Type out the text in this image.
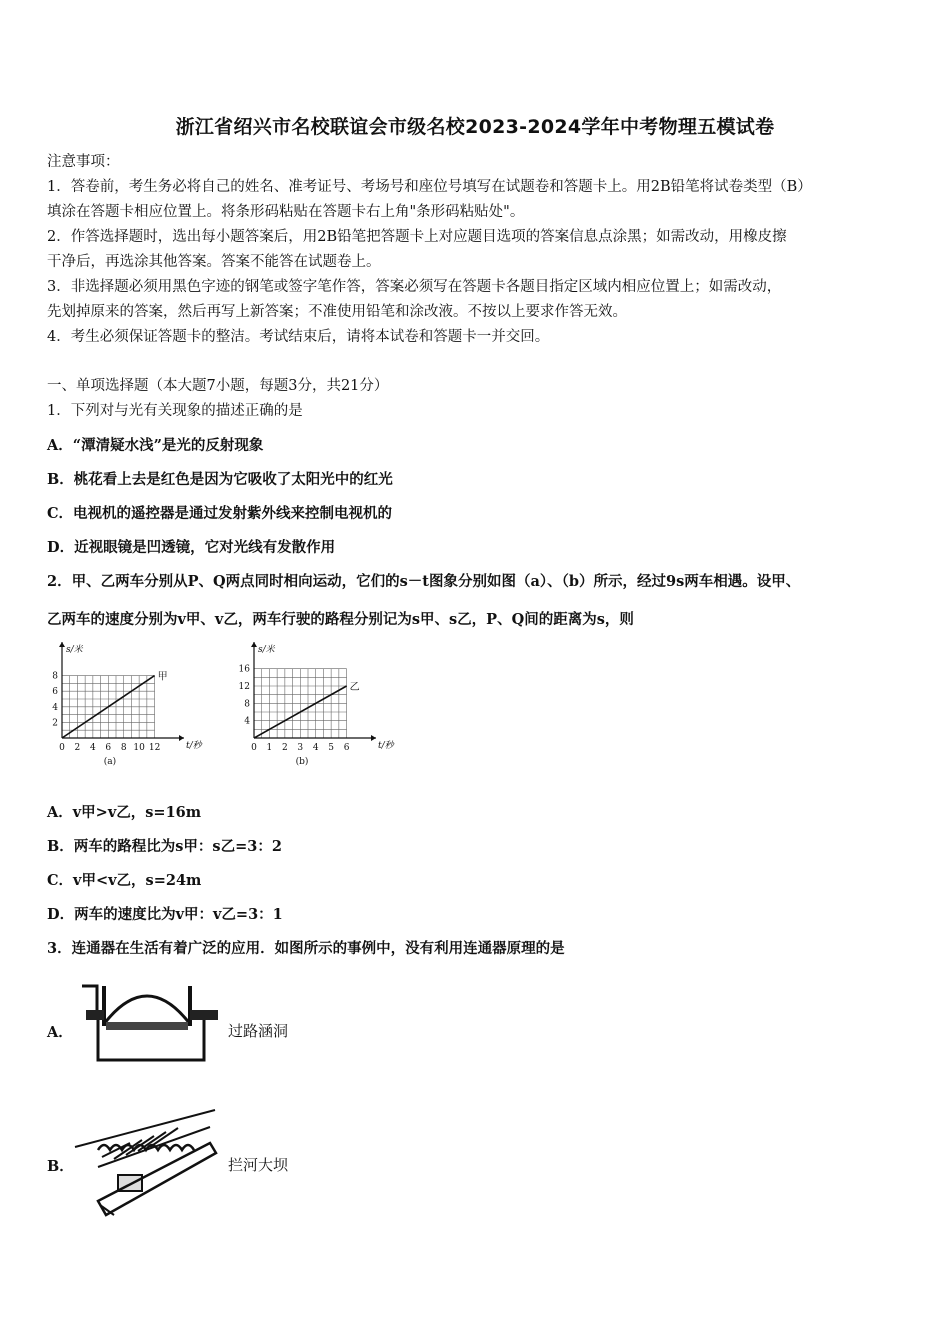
浙江省绍兴市名校联谊会市级名校2023-2024学年中考物理五模试卷
注意事项：
1．答卷前，考生务必将自己的姓名、准考证号、考场号和座位号填写在试题卷和答题卡上。用2B铅笔将试卷类型（B）
填涂在答题卡相应位置上。将条形码粘贴在答题卡右上角"条形码粘贴处"。
2．作答选择题时，选出每小题答案后，用2B铅笔把答题卡上对应题目选项的答案信息点涂黑；如需改动，用橡皮擦
干净后，再选涂其他答案。答案不能答在试题卷上。
3．非选择题必须用黑色字迹的钢笔或签字笔作答，答案必须写在答题卡各题目指定区域内相应位置上；如需改动，
先划掉原来的答案，然后再写上新答案；不准使用铅笔和涂改液。不按以上要求作答无效。
4．考生必须保证答题卡的整洁。考试结束后，请将本试卷和答题卡一并交回。
一、单项选择题（本大题7小题，每题3分，共21分）
1．下列对与光有关现象的描述正确的是
A．“潭清疑水浅”是光的反射现象
B．桃花看上去是红色是因为它吸收了太阳光中的红光
C．电视机的遥控器是通过发射紫外线来控制电视机的
D．近视眼镜是凹透镜，它对光线有发散作用
2．甲、乙两车分别从P、Q两点同时相向运动，它们的s－t图象分别如图（a）、（b）所示，经过9s两车相遇。设甲、
乙两车的速度分别为v甲、v乙，两车行驶的路程分别记为s甲、s乙，P、Q间的距离为s，则
0 2 4 6 8 10 12
2
4
6
8
s/米
t/秒
甲
(a)
0 1 2 3 4 5 6
4
8
12
16
s/米
t/秒
乙
(b)
A．v甲>v乙，s=16m
B．两车的路程比为s甲：s乙=3：2
C．v甲<v乙，s=24m
D．两车的速度比为v甲：v乙=3：1
3．连通器在生活有着广泛的应用．如图所示的事例中，没有利用连通器原理的是
A．	过路涵洞
B．	拦河大坝
